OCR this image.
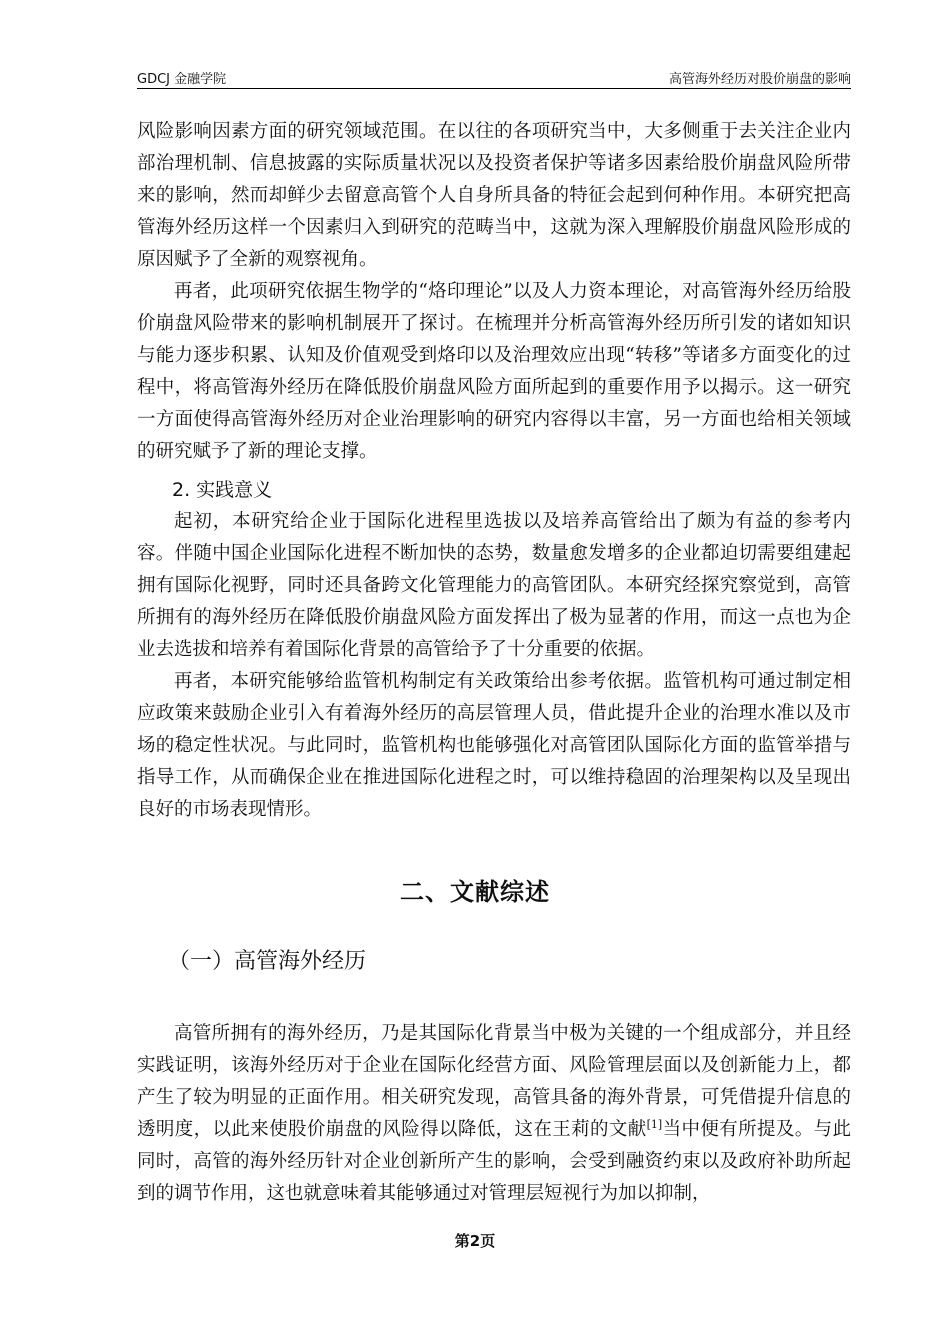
GDCJ 金融学院	高管海外经历对股价崩盘的影响

风险影响因素方面的研究领域范围。在以往的各项研究当中，大多侧重于去关注企业内部治理机制、信息披露的实际质量状况以及投资者保护等诸多因素给股价崩盘风险所带来的影响，然而却鲜少去留意高管个人自身所具备的特征会起到何种作用。本研究把高管海外经历这样一个因素归入到研究的范畴当中，这就为深入理解股价崩盘风险形成的原因赋予了全新的观察视角。

再者，此项研究依据生物学的“烙印理论”以及人力资本理论，对高管海外经历给股价崩盘风险带来的影响机制展开了探讨。在梳理并分析高管海外经历所引发的诸如知识与能力逐步积累、认知及价值观受到烙印以及治理效应出现“转移”等诸多方面变化的过程中，将高管海外经历在降低股价崩盘风险方面所起到的重要作用予以揭示。这一研究一方面使得高管海外经历对企业治理影响的研究内容得以丰富，另一方面也给相关领域的研究赋予了新的理论支撑。

2. 实践意义

起初，本研究给企业于国际化进程里选拔以及培养高管给出了颇为有益的参考内容。伴随中国企业国际化进程不断加快的态势，数量愈发增多的企业都迫切需要组建起拥有国际化视野，同时还具备跨文化管理能力的高管团队。本研究经探究察觉到，高管所拥有的海外经历在降低股价崩盘风险方面发挥出了极为显著的作用，而这一点也为企业去选拔和培养有着国际化背景的高管给予了十分重要的依据。

再者，本研究能够给监管机构制定有关政策给出参考依据。监管机构可通过制定相应政策来鼓励企业引入有着海外经历的高层管理人员，借此提升企业的治理水准以及市场的稳定性状况。与此同时，监管机构也能够强化对高管团队国际化方面的监管举措与指导工作，从而确保企业在推进国际化进程之时，可以维持稳固的治理架构以及呈现出良好的市场表现情形。

二、文献综述
（一）高管海外经历

高管所拥有的海外经历，乃是其国际化背景当中极为关键的一个组成部分，并且经实践证明，该海外经历对于企业在国际化经营方面、风险管理层面以及创新能力上，都产生了较为明显的正面作用。相关研究发现，高管具备的海外背景，可凭借提升信息的透明度，以此来使股价崩盘的风险得以降低，这在王莉的文献[1]当中便有所提及。与此同时，高管的海外经历针对企业创新所产生的影响，会受到融资约束以及政府补助所起到的调节作用，这也就意味着其能够通过对管理层短视行为加以抑制，

第2页
